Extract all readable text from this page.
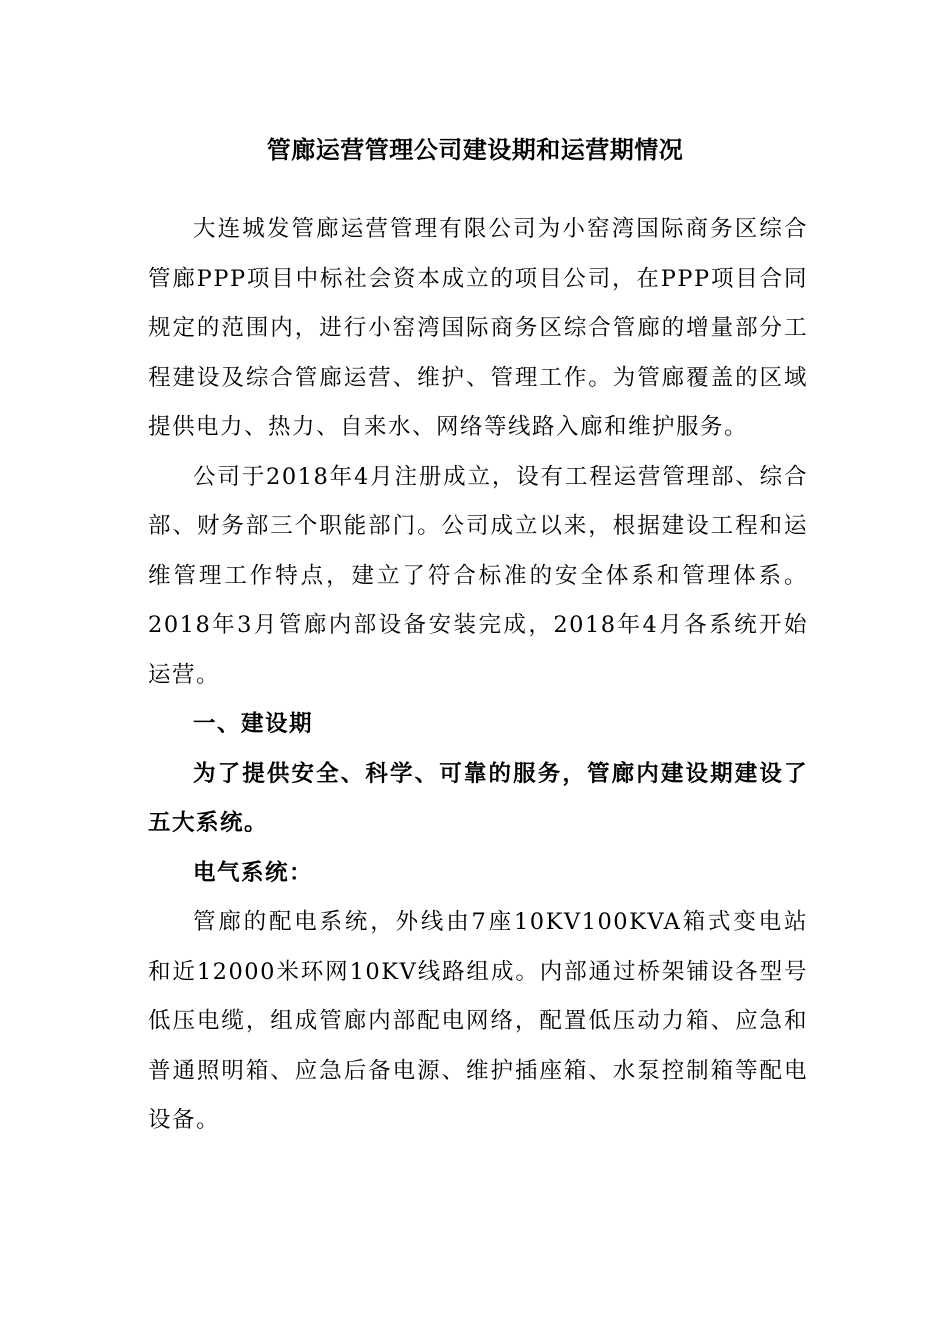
管廊运营管理公司建设期和运营期情况

大连城发管廊运营管理有限公司为小窑湾国际商务区综合管廊PPP项目中标社会资本成立的项目公司，在PPP项目合同规定的范围内，进行小窑湾国际商务区综合管廊的增量部分工程建设及综合管廊运营、维护、管理工作。为管廊覆盖的区域提供电力、热力、自来水、网络等线路入廊和维护服务。

公司于2018年4月注册成立，设有工程运营管理部、综合部、财务部三个职能部门。公司成立以来，根据建设工程和运维管理工作特点，建立了符合标准的安全体系和管理体系。2018年3月管廊内部设备安装完成，2018年4月各系统开始运营。

一、建设期

为了提供安全、科学、可靠的服务，管廊内建设期建设了五大系统。

电气系统：

管廊的配电系统，外线由7座10KV100KVA箱式变电站和近12000米环网10KV线路组成。内部通过桥架铺设各型号低压电缆，组成管廊内部配电网络，配置低压动力箱、应急和普通照明箱、应急后备电源、维护插座箱、水泵控制箱等配电设备。
